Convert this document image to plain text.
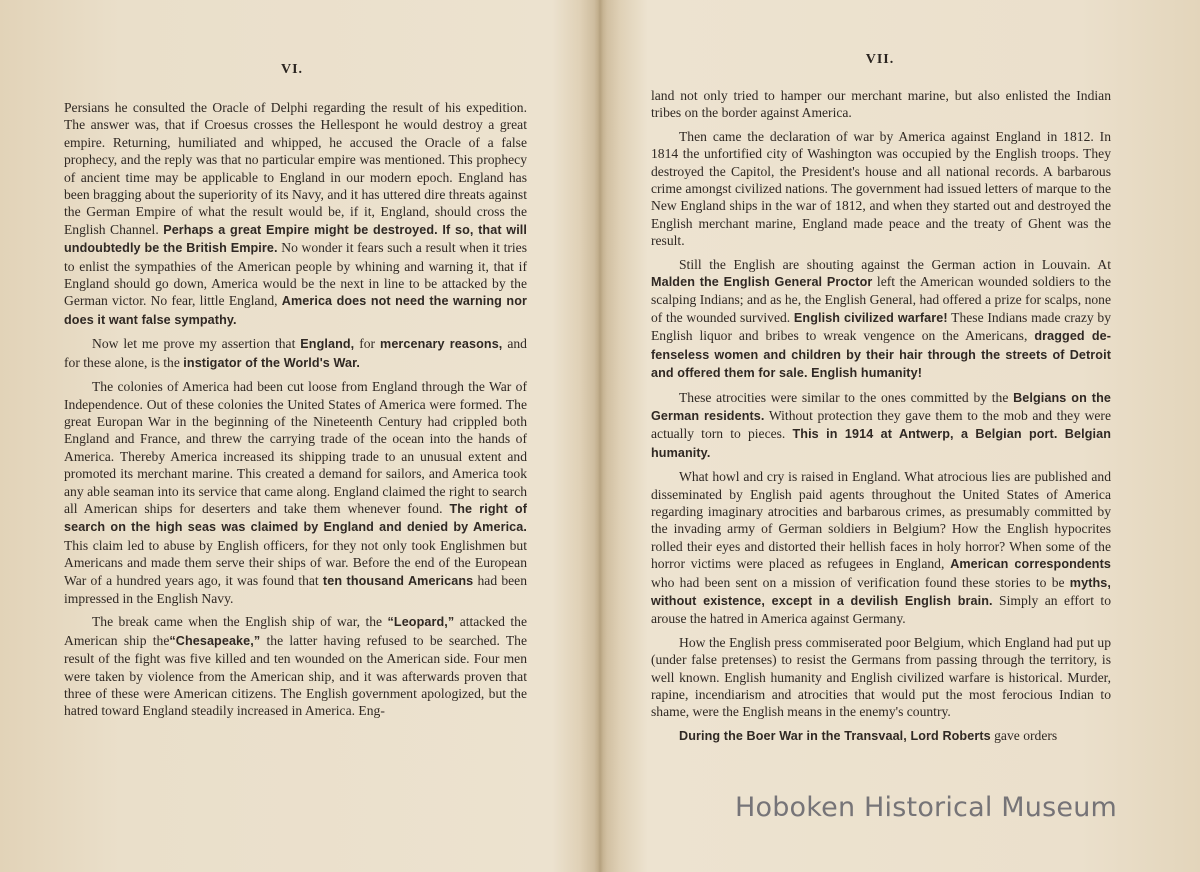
VI.

Persians he consulted the Oracle of Delphi regarding the result of his expedition. The answer was, that if Croesus crosses the Hellespont he would destroy a great empire. Returning, humiliated and whipped, he accused the Oracle of a false prophecy, and the reply was that no particular empire was mentioned. This prophecy of ancient time may be applicable to England in our modern epoch. England has been bragging about the superiority of its Navy, and it has uttered dire threats against the German Empire of what the result would be, if it, England, should cross the English Channel. Perhaps a great Empire might be destroyed. If so, that will undoubtedly be the British Empire. No wonder it fears such a result when it tries to enlist the sympathies of the American people by whining and warning it, that if England should go down, America would be the next in line to be attacked by the German victor. No fear, little England, America does not need the warning nor does it want false sympathy.

Now let me prove my assertion that England, for mercenary reasons, and for these alone, is the instigator of the World's War.

The colonies of America had been cut loose from England through the War of Independence. Out of these colonies the United States of America were formed. The great Europan War in the beginning of the Nineteenth Century had crippled both England and France, and threw the carrying trade of the ocean into the hands of America. Thereby America increased its shipping trade to an unusual extent and promoted its merchant marine. This created a demand for sailors, and America took any able seaman into its service that came along. England claimed the right to search all American ships for deserters and take them whenever found. The right of search on the high seas was claimed by England and denied by America. This claim led to abuse by English officers, for they not only took Englishmen but Americans and made them serve their ships of war. Before the end of the European War of a hundred years ago, it was found that ten thousand Americans had been impressed in the English Navy.

The break came when the English ship of war, the “Leopard,” attacked the American ship the“Chesapeake,” the latter having refused to be searched. The result of the fight was five killed and ten wounded on the American side. Four men were taken by violence from the American ship, and it was afterwards proven that three of these were American citizens. The English government apologized, but the hatred toward England steadily increased in America. Eng-

VII.

land not only tried to hamper our merchant marine, but also enlisted the Indian tribes on the border against America.

Then came the declaration of war by America against England in 1812. In 1814 the unfortified city of Washington was occupied by the English troops. They destroyed the Capitol, the President's house and all national records. A barbarous crime amongst civilized nations. The government had issued letters of marque to the New England ships in the war of 1812, and when they started out and destroyed the English merchant marine, England made peace and the treaty of Ghent was the result.

Still the English are shouting against the German action in Louvain. At Malden the English General Proctor left the American wounded soldiers to the scalping Indians; and as he, the English General, had offered a prize for scalps, none of the wounded survived. English civilized warfare! These Indians made crazy by English liquor and bribes to wreak vengence on the Americans, dragged defenseless women and children by their hair through the streets of Detroit and offered them for sale. English humanity!

These atrocities were similar to the ones committed by the Belgians on the German residents. Without protection they gave them to the mob and they were actually torn to pieces. This in 1914 at Antwerp, a Belgian port. Belgian humanity.

What howl and cry is raised in England. What atrocious lies are published and disseminated by English paid agents throughout the United States of America regarding imaginary atrocities and barbarous crimes, as presumably committed by the invading army of German soldiers in Belgium? How the English hypocrites rolled their eyes and distorted their hellish faces in holy horror? When some of the horror victims were placed as refugees in England, American correspondents who had been sent on a mission of verification found these stories to be myths, without existence, except in a devilish English brain. Simply an effort to arouse the hatred in America against Germany.

How the English press commiserated poor Belgium, which England had put up (under false pretenses) to resist the Germans from passing through the territory, is well known. English humanity and English civilized warfare is historical. Murder, rapine, incendiarism and atrocities that would put the most ferocious Indian to shame, were the English means in the enemy's country.

During the Boer War in the Transvaal, Lord Roberts gave orders

Hoboken Historical Museum
